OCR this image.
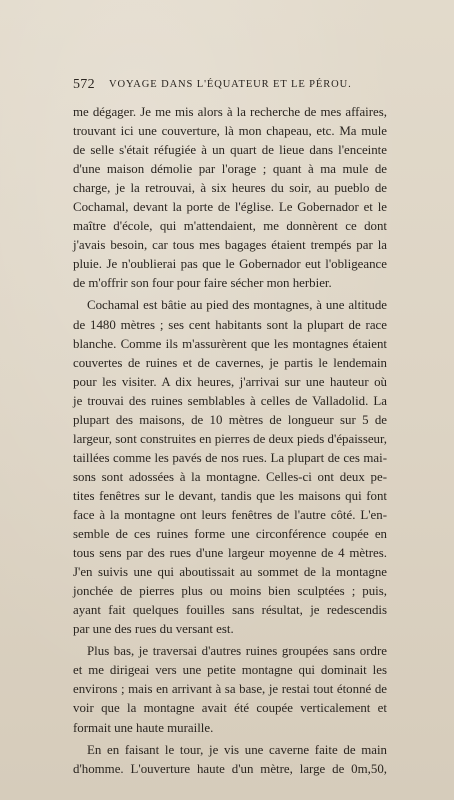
572 VOYAGE DANS L'ÉQUATEUR ET LE PÉROU.

me dégager. Je me mis alors à la recherche de mes affaires,
trouvant ici une couverture, là mon chapeau, etc. Ma mule
de selle s'était réfugiée à un quart de lieue dans l'enceinte
d'une maison démolie par l'orage ; quant à ma mule de
charge, je la retrouvai, à six heures du soir, au pueblo de
Cochamal, devant la porte de l'église. Le Gobernador et le
maître d'école, qui m'attendaient, me donnèrent ce dont
j'avais besoin, car tous mes bagages étaient trempés par la
pluie. Je n'oublierai pas que le Gobernador eut l'obligeance
de m'offrir son four pour faire sécher mon herbier.

Cochamal est bâtie au pied des montagnes, à une altitude
de 1480 mètres ; ses cent habitants sont la plupart de race
blanche. Comme ils m'assurèrent que les montagnes étaient
couvertes de ruines et de cavernes, je partis le lendemain
pour les visiter. A dix heures, j'arrivai sur une hauteur où
je trouvai des ruines semblables à celles de Valladolid. La
plupart des maisons, de 10 mètres de longueur sur 5 de
largeur, sont construites en pierres de deux pieds d'épaisseur,
taillées comme les pavés de nos rues. La plupart de ces mai-
sons sont adossées à la montagne. Celles-ci ont deux pe-
tites fenêtres sur le devant, tandis que les maisons qui font
face à la montagne ont leurs fenêtres de l'autre côté. L'en-
semble de ces ruines forme une circonférence coupée en
tous sens par des rues d'une largeur moyenne de 4 mètres.
J'en suivis une qui aboutissait au sommet de la montagne
jonchée de pierres plus ou moins bien sculptées ; puis,
ayant fait quelques fouilles sans résultat, je redescendis
par une des rues du versant est.

Plus bas, je traversai d'autres ruines groupées sans ordre
et me dirigeai vers une petite montagne qui dominait les
environs ; mais en arrivant à sa base, je restai tout étonné de
voir que la montagne avait été coupée verticalement et
formait une haute muraille.

En en faisant le tour, je vis une caverne faite de main
d'homme. L'ouverture haute d'un mètre, large de 0m,50,
